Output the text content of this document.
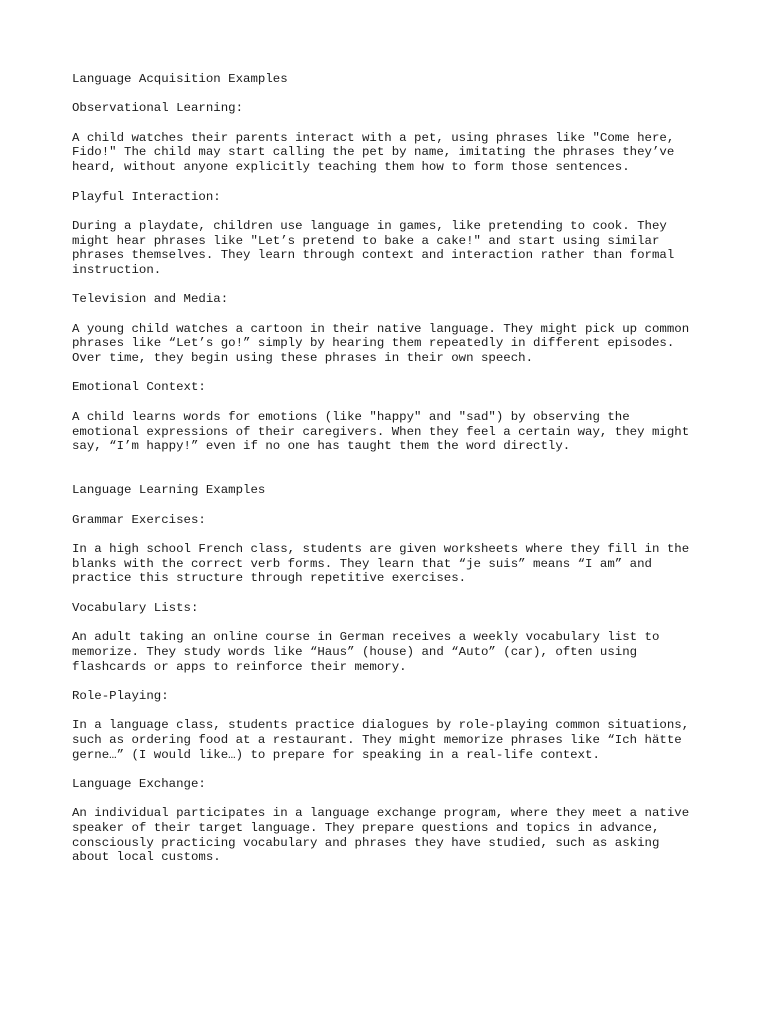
Language Acquisition Examples
Observational Learning:
A child watches their parents interact with a pet, using phrases like "Come here,
Fido!" The child may start calling the pet by name, imitating the phrases they’ve
heard, without anyone explicitly teaching them how to form those sentences.
Playful Interaction:
During a playdate, children use language in games, like pretending to cook. They
might hear phrases like "Let’s pretend to bake a cake!" and start using similar
phrases themselves. They learn through context and interaction rather than formal
instruction.
Television and Media:
A young child watches a cartoon in their native language. They might pick up common
phrases like “Let’s go!” simply by hearing them repeatedly in different episodes.
Over time, they begin using these phrases in their own speech.
Emotional Context:
A child learns words for emotions (like "happy" and "sad") by observing the
emotional expressions of their caregivers. When they feel a certain way, they might
say, “I’m happy!” even if no one has taught them the word directly.
Language Learning Examples
Grammar Exercises:
In a high school French class, students are given worksheets where they fill in the
blanks with the correct verb forms. They learn that “je suis” means “I am” and
practice this structure through repetitive exercises.
Vocabulary Lists:
An adult taking an online course in German receives a weekly vocabulary list to
memorize. They study words like “Haus” (house) and “Auto” (car), often using
flashcards or apps to reinforce their memory.
Role-Playing:
In a language class, students practice dialogues by role-playing common situations,
such as ordering food at a restaurant. They might memorize phrases like “Ich hätte
gerne…” (I would like…) to prepare for speaking in a real-life context.
Language Exchange:
An individual participates in a language exchange program, where they meet a native
speaker of their target language. They prepare questions and topics in advance,
consciously practicing vocabulary and phrases they have studied, such as asking
about local customs.
